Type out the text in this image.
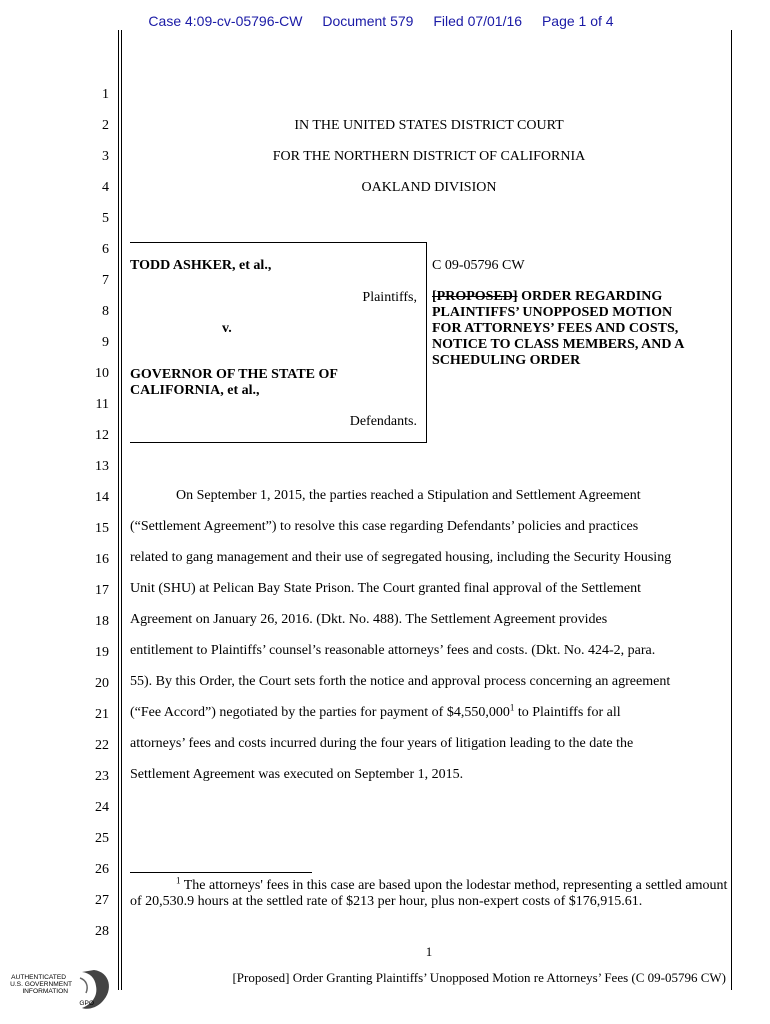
Case 4:09-cv-05796-CW Document 579 Filed 07/01/16 Page 1 of 4
1
2
3
4
5
6
7
8
9
10
11
12
13
14
15
16
17
18
19
20
21
22
23
24
25
26
27
28
IN THE UNITED STATES DISTRICT COURT
FOR THE NORTHERN DISTRICT OF CALIFORNIA
OAKLAND DIVISION
TODD ASHKER, et al.,
Plaintiffs,
v.
GOVERNOR OF THE STATE OF
CALIFORNIA, et al.,
Defendants.
C 09-05796 CW
[PROPOSED] ORDER REGARDING
PLAINTIFFS’ UNOPPOSED MOTION
FOR ATTORNEYS’ FEES AND COSTS,
NOTICE TO CLASS MEMBERS, AND A
SCHEDULING ORDER
On September 1, 2015, the parties reached a Stipulation and Settlement Agreement
(“Settlement Agreement”) to resolve this case regarding Defendants’ policies and practices
related to gang management and their use of segregated housing, including the Security Housing
Unit (SHU) at Pelican Bay State Prison. The Court granted final approval of the Settlement
Agreement on January 26, 2016. (Dkt. No. 488). The Settlement Agreement provides
entitlement to Plaintiffs’ counsel’s reasonable attorneys’ fees and costs. (Dkt. No. 424-2, para.
55). By this Order, the Court sets forth the notice and approval process concerning an agreement
(“Fee Accord”) negotiated by the parties for payment of $4,550,000$^1$ to Plaintiffs for all
attorneys’ fees and costs incurred during the four years of litigation leading to the date the
Settlement Agreement was executed on September 1, 2015.
$^1$ The attorneys' fees in this case are based upon the lodestar method, representing a settled amount of 20,530.9 hours at the settled rate of $213 per hour, plus non-expert costs of $176,915.61.
1
[Proposed] Order Granting Plaintiffs’ Unopposed Motion re Attorneys’ Fees (C 09-05796 CW)
AUTHENTICATED
U.S. GOVERNMENT
INFORMATION
GPO
